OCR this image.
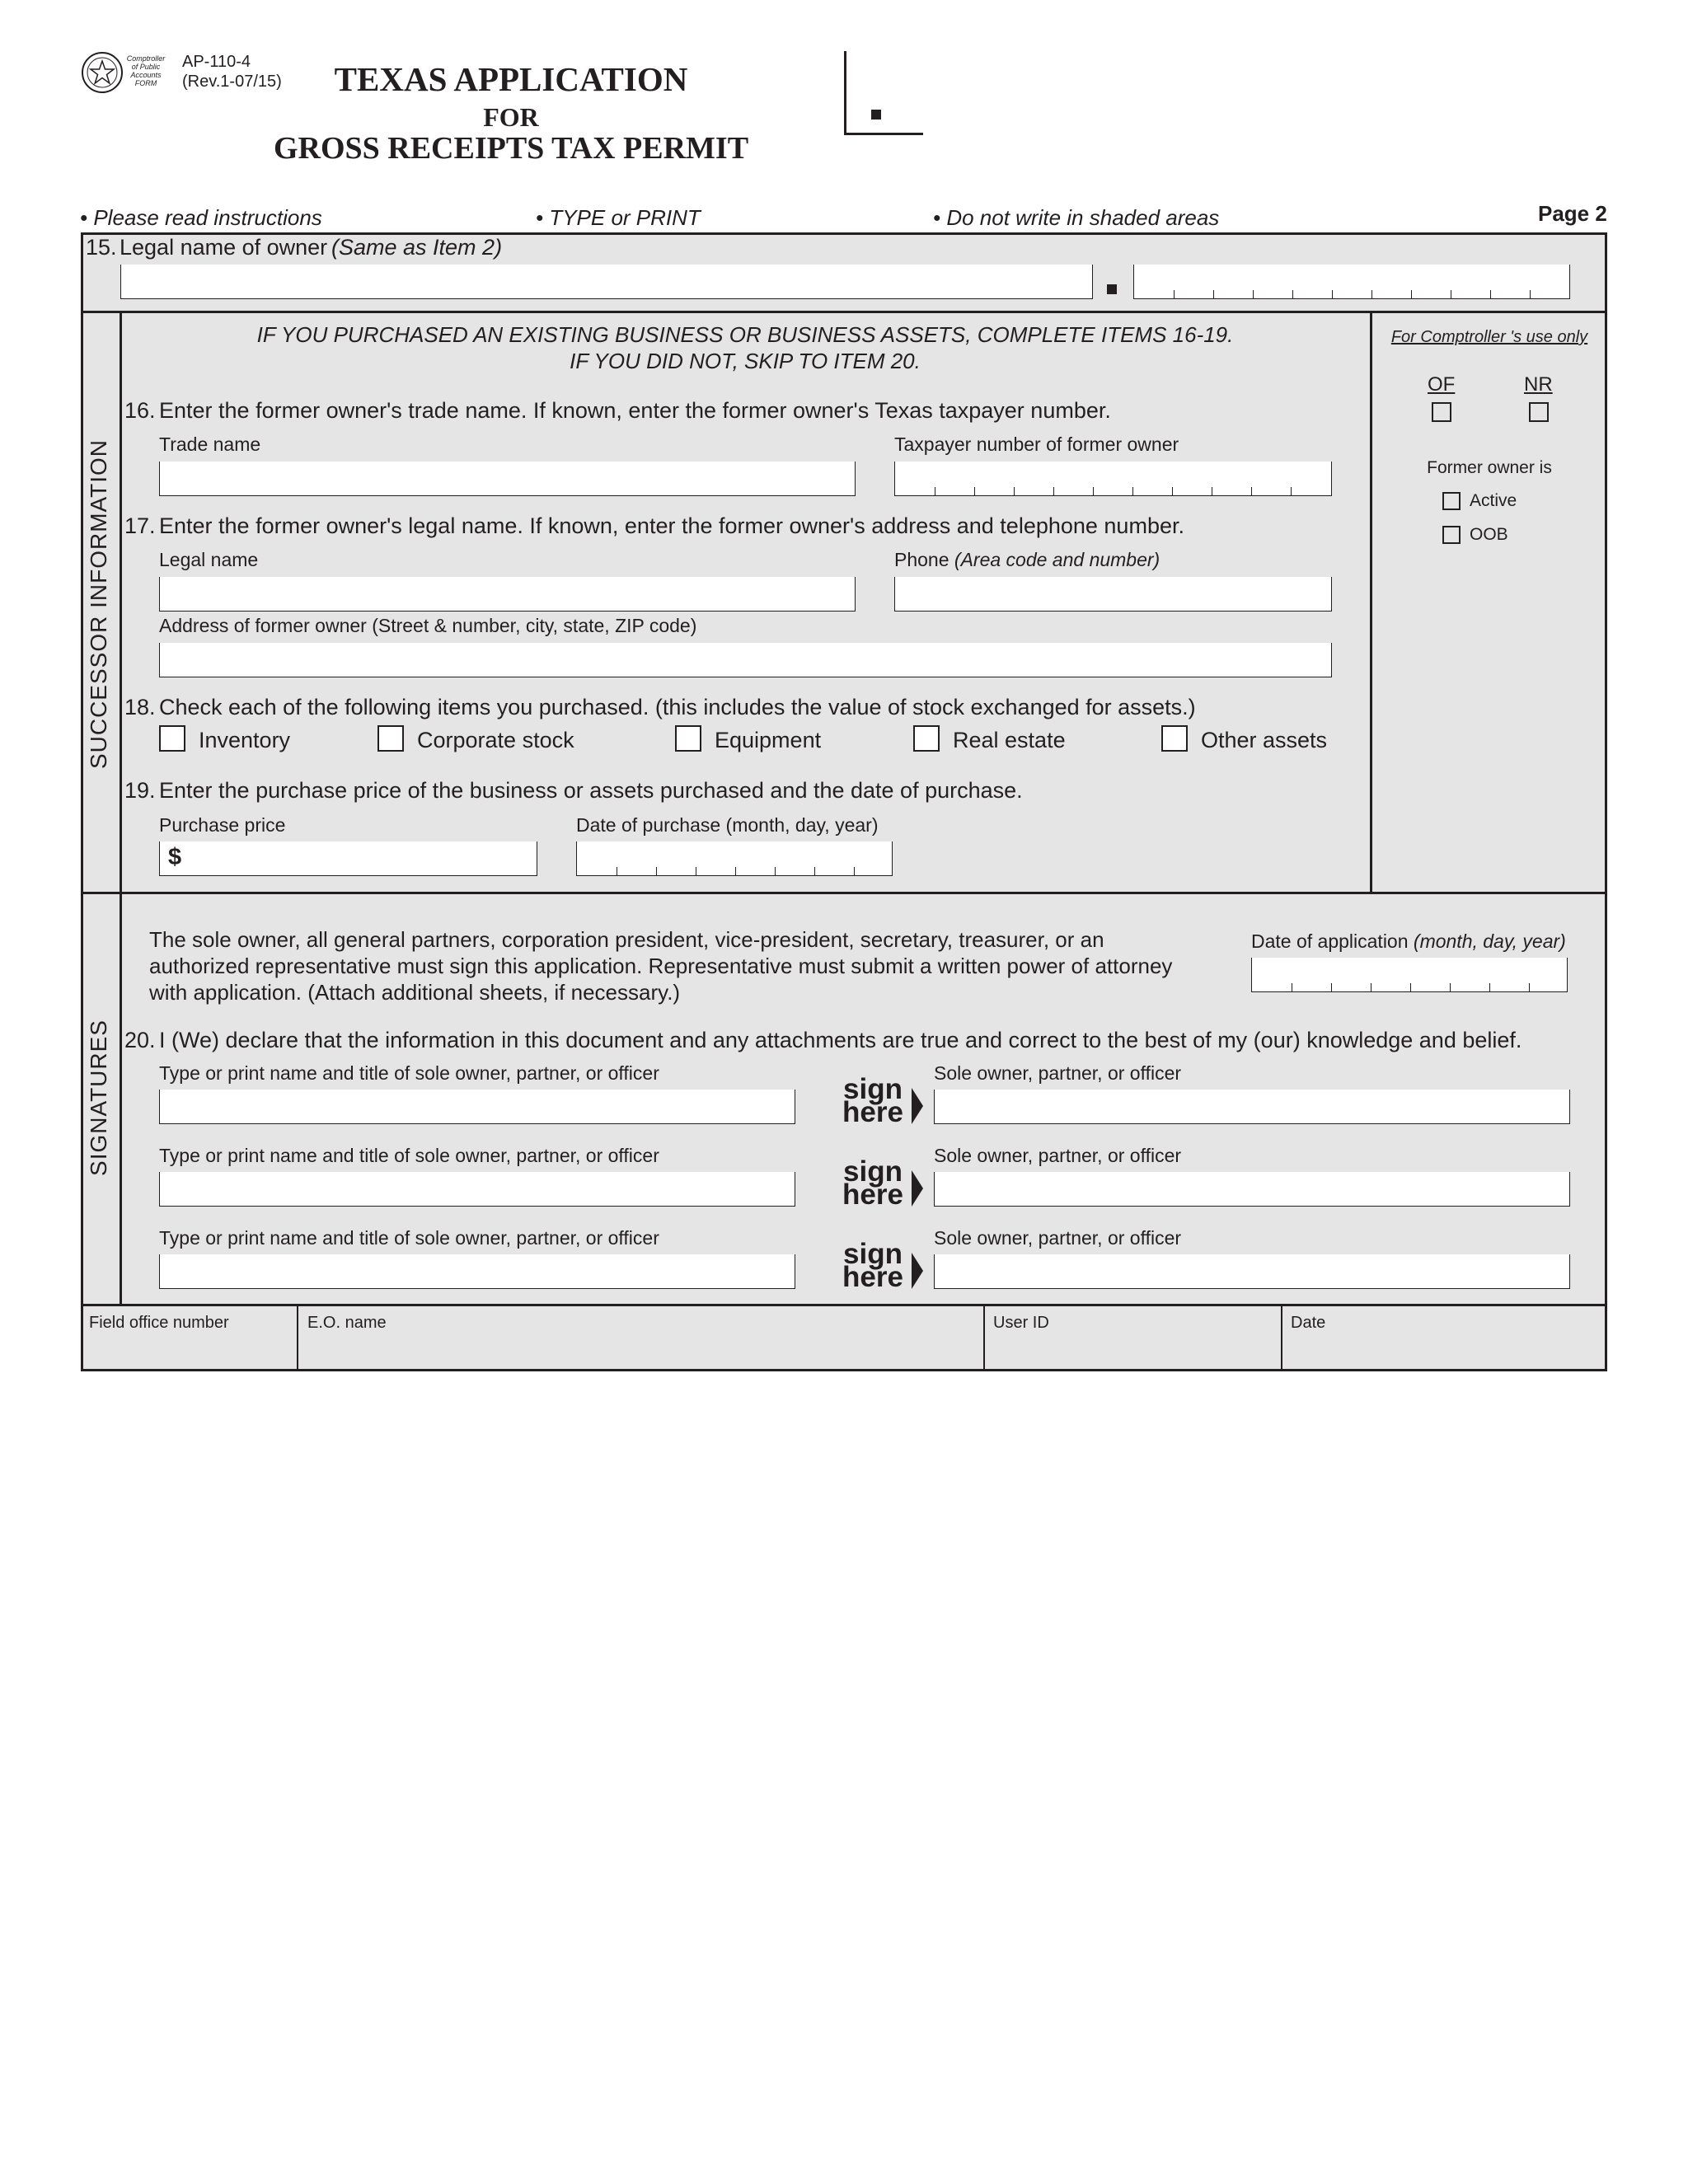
Comptroller of Public Accounts FORM
AP-110-4
(Rev.1-07/15)	TEXAS APPLICATION
FOR
GROSS RECEIPTS TAX PERMIT
• Please read instructions	• TYPE or PRINT	• Do not write in shaded areas	Page 2
15. Legal name of owner (Same as Item 2)
SUCCESSOR INFORMATION
SIGNATURES
IF YOU PURCHASED AN EXISTING BUSINESS OR BUSINESS ASSETS, COMPLETE ITEMS 16-19.
IF YOU DID NOT, SKIP TO ITEM 20.
16. Enter the former owner's trade name. If known, enter the former owner's Texas taxpayer number.
Trade name	Taxpayer number of former owner
17. Enter the former owner's legal name. If known, enter the former owner's address and telephone number.
Legal name	Phone (Area code and number)
Address of former owner (Street & number, city, state, ZIP code)
18. Check each of the following items you purchased. (this includes the value of stock exchanged for assets.)
Inventory	Corporate stock	Equipment	Real estate	Other assets
19. Enter the purchase price of the business or assets purchased and the date of purchase.
Purchase price	Date of purchase (month, day, year)
$
For Comptroller 's use only
OF	NR
Former owner is
Active
OOB
The sole owner, all general partners, corporation president, vice-president, secretary, treasurer, or an
authorized representative must sign this application. Representative must submit a written power of attorney
with application. (Attach additional sheets, if necessary.)
Date of application (month, day, year)
20. I (We) declare that the information in this document and any attachments are true and correct to the best of my (our) knowledge and belief.
Type or print name and title of sole owner, partner, or officer	Sole owner, partner, or officer
sign
here
Type or print name and title of sole owner, partner, or officer	Sole owner, partner, or officer
sign
here
Type or print name and title of sole owner, partner, or officer	Sole owner, partner, or officer
sign
here
Field office number	E.O. name	User ID	Date
